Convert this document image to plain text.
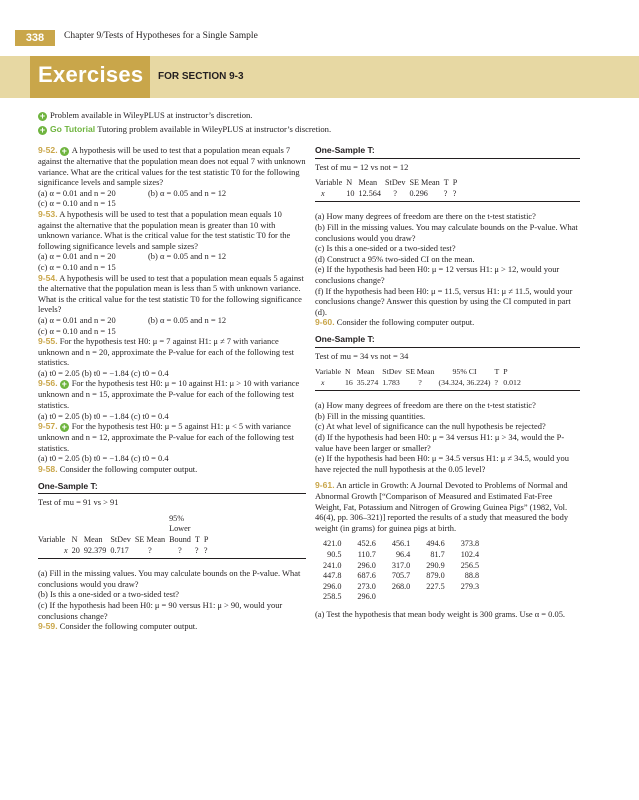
338	Chapter 9/Tests of Hypotheses for a Single Sample
Exercises FOR SECTION 9-3
+ Problem available in WileyPLUS at instructor’s discretion.
+ Go Tutorial Tutoring problem available in WileyPLUS at instructor’s discretion.

9-52. + A hypothesis will be used to test that a population mean equals 7 against the alternative that the population mean does not equal 7 with unknown variance. What are the critical values for the test statistic T0 for the following significance levels and sample sizes?

(a) α = 0.01 and n = 20	(b) α = 0.05 and n = 12

(c) α = 0.10 and n = 15

9-53. A hypothesis will be used to test that a population mean equals 10 against the alternative that the population mean is greater than 10 with unknown variance. What is the critical value for the test statistic T0 for the following significance levels and sample sizes?

(a) α = 0.01 and n = 20	(b) α = 0.05 and n = 12

(c) α = 0.10 and n = 15

9-54. A hypothesis will be used to test that a population mean equals 5 against the alternative that the population mean is less than 5 with unknown variance. What is the critical value for the test statistic T0 for the following significance levels?

(a) α = 0.01 and n = 20	(b) α = 0.05 and n = 12

(c) α = 0.10 and n = 15

9-55. For the hypothesis test H0: μ = 7 against H1: μ ≠ 7 with variance unknown and n = 20, approximate the P-value for each of the following test statistics.

(a) t0 = 2.05 (b) t0 = −1.84 (c) t0 = 0.4

9-56. + For the hypothesis test H0: μ = 10 against H1: μ > 10 with variance unknown and n = 15, approximate the P-value for each of the following test statistics.

(a) t0 = 2.05 (b) t0 = −1.84 (c) t0 = 0.4

9-57. + For the hypothesis test H0: μ = 5 against H1: μ < 5 with variance unknown and n = 12, approximate the P-value for each of the following test statistics.

(a) t0 = 2.05 (b) t0 = −1.84 (c) t0 = 0.4

9-58. Consider the following computer output.

One-Sample T:

Test of mu = 91 vs > 91

					95%		
					Lower		
Variable	N	Mean	StDev	SE Mean	Bound	T	P
x	20	92.379	0.717	?	?	?	?

(a) Fill in the missing values. You may calculate bounds on the P-value. What conclusions would you draw?

(b) Is this a one-sided or a two-sided test?

(c) If the hypothesis had been H0: μ = 90 versus H1: μ > 90, would your conclusions change?

9-59. Consider the following computer output.

One-Sample T:

Test of mu = 12 vs not = 12

Variable	N	Mean	StDev	SE Mean	T	P
x	10	12.564	?	0.296	?	?

(a) How many degrees of freedom are there on the t-test statistic?

(b) Fill in the missing values. You may calculate bounds on the P-value. What conclusions would you draw?

(c) Is this a one-sided or a two-sided test?

(d) Construct a 95% two-sided CI on the mean.

(e) If the hypothesis had been H0: μ = 12 versus H1: μ > 12, would your conclusions change?

(f) If the hypothesis had been H0: μ = 11.5, versus H1: μ ≠ 11.5, would your conclusions change? Answer this question by using the CI computed in part (d).

9-60. Consider the following computer output.

One-Sample T:

Test of mu = 34 vs not = 34

Variable	N	Mean	StDev	SE Mean	95% CI	T	P
x	16	35.274	1.783	?	(34.324, 36.224)	?	0.012

(a) How many degrees of freedom are there on the t-test statistic?

(b) Fill in the missing quantities.

(c) At what level of significance can the null hypothesis be rejected?

(d) If the hypothesis had been H0: μ = 34 versus H1: μ > 34, would the P-value have been larger or smaller?

(e) If the hypothesis had been H0: μ = 34.5 versus H1: μ ≠ 34.5, would you have rejected the null hypothesis at the 0.05 level?

9-61. An article in Growth: A Journal Devoted to Problems of Normal and Abnormal Growth [“Comparison of Measured and Estimated Fat-Free Weight, Fat, Potassium and Nitrogen of Growing Guinea Pigs” (1982, Vol. 46(4), pp. 306–321)] reported the results of a study that measured the body weight (in grams) for guinea pigs at birth.

421.0	452.6	456.1	494.6	373.8
90.5	110.7	96.4	81.7	102.4
241.0	296.0	317.0	290.9	256.5
447.8	687.6	705.7	879.0	88.8
296.0	273.0	268.0	227.5	279.3
258.5	296.0			

(a) Test the hypothesis that mean body weight is 300 grams. Use α = 0.05.
